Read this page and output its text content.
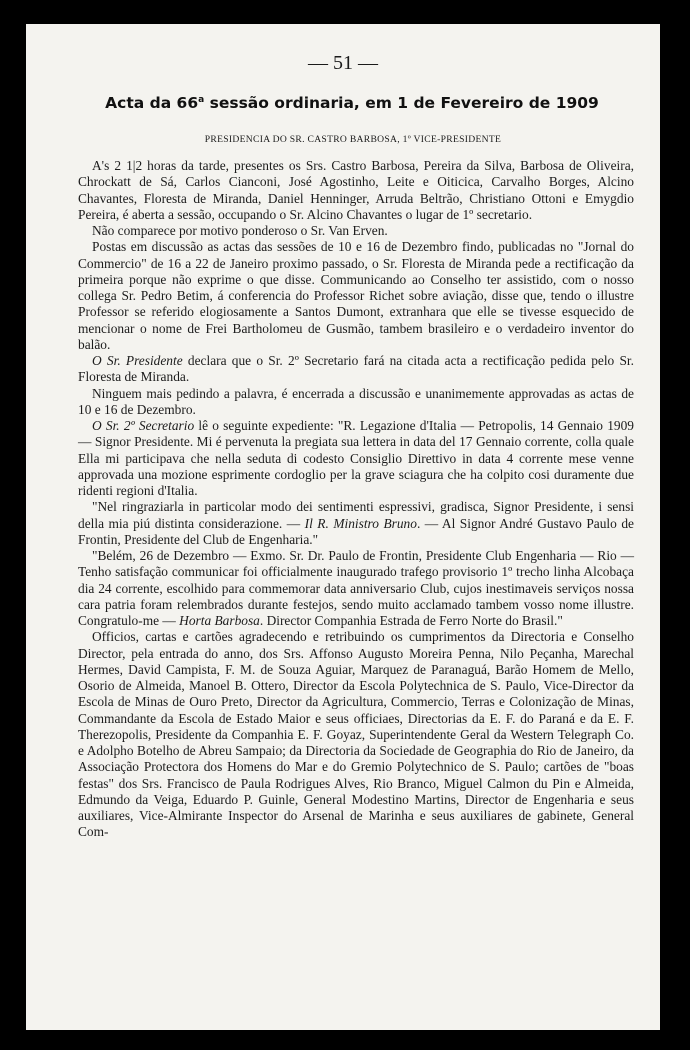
— 51 —
Acta da 66$^a$ sessão ordinaria, em 1 de Fevereiro de 1909
PRESIDENCIA DO SR. CASTRO BARBOSA, 1º VICE-PRESIDENTE

A's 2 1|2 horas da tarde, presentes os Srs. Castro Barbosa, Pereira da Silva, Barbosa de Oliveira, Chrockatt de Sá, Carlos Cianconi, José Agostinho, Leite e Oiticica, Carvalho Borges, Alcino Chavantes, Floresta de Miranda, Daniel Henninger, Arruda Beltrão, Christiano Ottoni e Emygdio Pereira, é aberta a sessão, occupando o Sr. Alcino Chavantes o lugar de 1º secretario.

Não comparece por motivo ponderoso o Sr. Van Erven.

Postas em discussão as actas das sessões de 10 e 16 de Dezembro findo, publicadas no "Jornal do Commercio" de 16 a 22 de Janeiro proximo passado, o Sr. Floresta de Miranda pede a rectificação da primeira porque não exprime o que disse. Communicando ao Conselho ter assistido, com o nosso collega Sr. Pedro Betim, á conferencia do Professor Richet sobre aviação, disse que, tendo o illustre Professor se referido elogiosamente a Santos Dumont, extranhara que elle se tivesse esquecido de mencionar o nome de Frei Bartholomeu de Gusmão, tambem brasileiro e o verdadeiro inventor do balão.

O Sr. Presidente declara que o Sr. 2º Secretario fará na citada acta a rectificação pedida pelo Sr. Floresta de Miranda.

Ninguem mais pedindo a palavra, é encerrada a discussão e unanimemente approvadas as actas de 10 e 16 de Dezembro.

O Sr. 2º Secretario lê o seguinte expediente: "R. Legazione d'Italia — Petropolis, 14 Gennaio 1909 — Signor Presidente. Mi é pervenuta la pregiata sua lettera in data del 17 Gennaio corrente, colla quale Ella mi participava che nella seduta di codesto Consiglio Direttivo in data 4 corrente mese venne approvada una mozione esprimente cordoglio per la grave sciagura che ha colpito cosi duramente due ridenti regioni d'Italia.

"Nel ringraziarla in particolar modo dei sentimenti espressivi, gradisca, Signor Presidente, i sensi della mia piú distinta considerazione. — Il R. Ministro Bruno. — Al Signor André Gustavo Paulo de Frontin, Presidente del Club de Engenharia."

"Belém, 26 de Dezembro — Exmo. Sr. Dr. Paulo de Frontin, Presidente Club Engenharia — Rio — Tenho satisfação communicar foi officialmente inaugurado trafego provisorio 1º trecho linha Alcobaça dia 24 corrente, escolhido para commemorar data anniversario Club, cujos inestimaveis serviços nossa cara patria foram relembrados durante festejos, sendo muito acclamado tambem vosso nome illustre. Congratulo-me — Horta Barbosa. Director Companhia Estrada de Ferro Norte do Brasil."

Officios, cartas e cartões agradecendo e retribuindo os cumprimentos da Directoria e Conselho Director, pela entrada do anno, dos Srs. Affonso Augusto Moreira Penna, Nilo Peçanha, Marechal Hermes, David Campista, F. M. de Souza Aguiar, Marquez de Paranaguá, Barão Homem de Mello, Osorio de Almeida, Manoel B. Ottero, Director da Escola Polytechnica de S. Paulo, Vice-Director da Escola de Minas de Ouro Preto, Director da Agricultura, Commercio, Terras e Colonização de Minas, Commandante da Escola de Estado Maior e seus officiaes, Directorias da E. F. do Paraná e da E. F. Therezopolis, Presidente da Companhia E. F. Goyaz, Superintendente Geral da Western Telegraph Co. e Adolpho Botelho de Abreu Sampaio; da Directoria da Sociedade de Geographia do Rio de Janeiro, da Associação Protectora dos Homens do Mar e do Gremio Polytechnico de S. Paulo; cartões de "boas festas" dos Srs. Francisco de Paula Rodrigues Alves, Rio Branco, Miguel Calmon du Pin e Almeida, Edmundo da Veiga, Eduardo P. Guinle, General Modestino Martins, Director de Engenharia e seus auxiliares, Vice-Almirante Inspector do Arsenal de Marinha e seus auxiliares de gabinete, General Com-
